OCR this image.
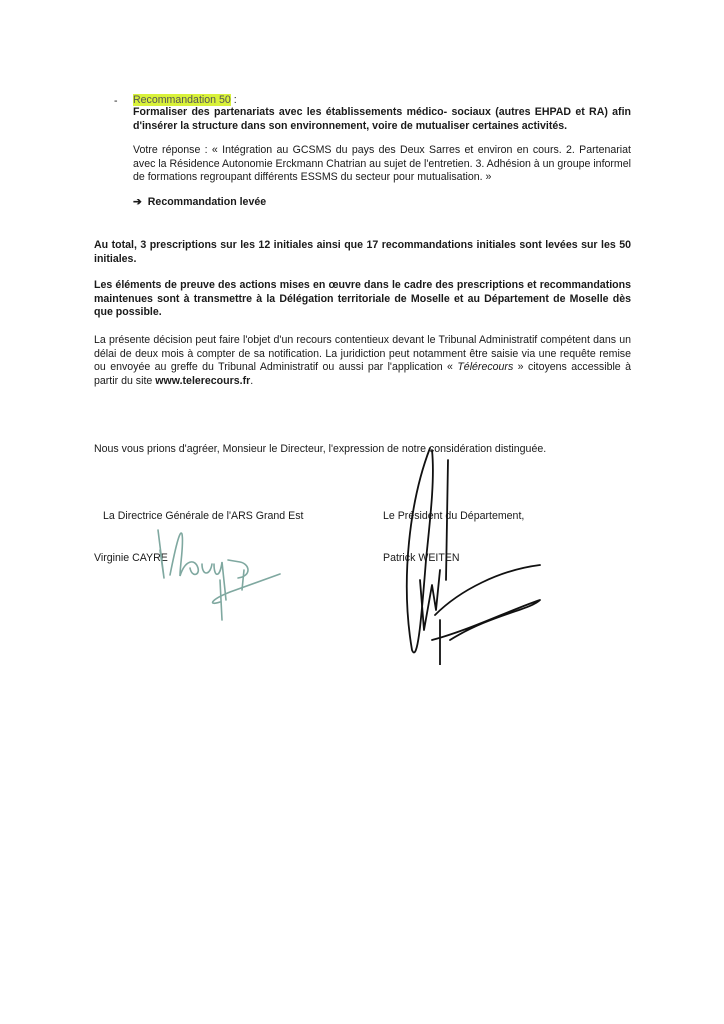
- Recommandation 50 :
Formaliser des partenariats avec les établissements médico- sociaux (autres EHPAD et RA) afin d'insérer la structure dans son environnement, voire de mutualiser certaines activités.
Votre réponse : « Intégration au GCSMS du pays des Deux Sarres et environ en cours. 2. Partenariat avec la Résidence Autonomie Erckmann Chatrian au sujet de l'entretien. 3. Adhésion à un groupe informel de formations regroupant différents ESSMS du secteur pour mutualisation. »
➔ Recommandation levée
Au total, 3 prescriptions sur les 12 initiales ainsi que 17 recommandations initiales sont levées sur les 50 initiales.
Les éléments de preuve des actions mises en œuvre dans le cadre des prescriptions et recommandations maintenues sont à transmettre à la Délégation territoriale de Moselle et au Département de Moselle dès que possible.
La présente décision peut faire l'objet d'un recours contentieux devant le Tribunal Administratif compétent dans un délai de deux mois à compter de sa notification. La juridiction peut notamment être saisie via une requête remise ou envoyée au greffe du Tribunal Administratif ou aussi par l'application « Télérecours » citoyens accessible à partir du site www.telerecours.fr.
Nous vous prions d'agréer, Monsieur le Directeur, l'expression de notre considération distinguée.
La Directrice Générale de l'ARS Grand Est
Virginie CAYRE
Le Président du Département,
Patrick WEITEN
